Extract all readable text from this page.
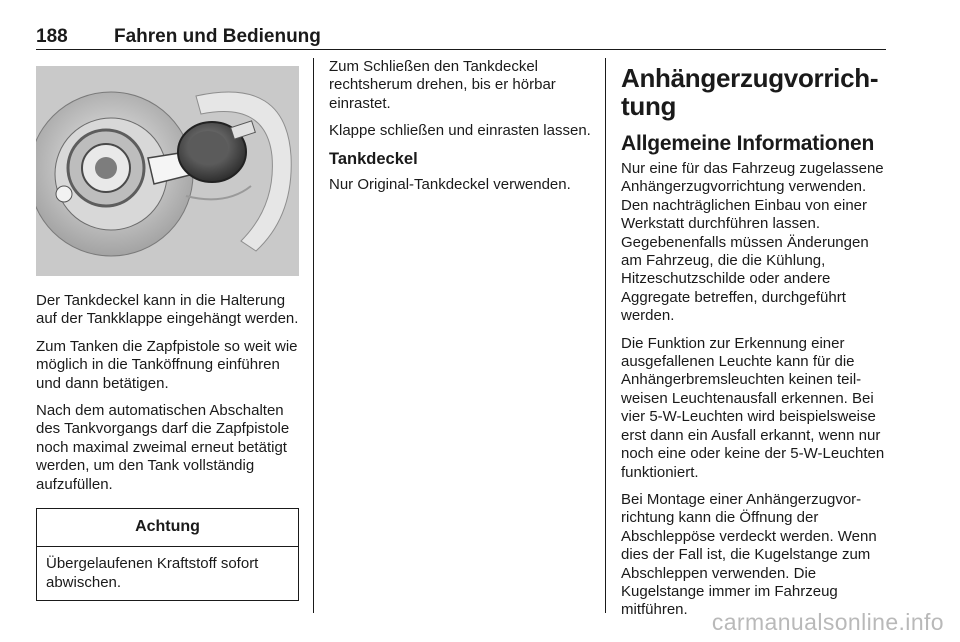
188 Fahren und Bedienung

Der Tankdeckel kann in die Halterung auf der Tankklappe eingehängt werden.

Zum Tanken die Zapfpistole so weit wie möglich in die Tanköffnung einführen und dann betätigen.

Nach dem automatischen Abschalten des Tankvorgangs darf die Zapfpistole noch maximal zweimal erneut betätigt werden, um den Tank vollständig aufzufüllen.

Achtung
Übergelaufenen Kraftstoff sofort abwischen.

Zum Schließen den Tankdeckel rechtsherum drehen, bis er hörbar einrastet.

Klappe schließen und einrasten lassen.

Tankdeckel

Nur Original-Tankdeckel verwenden.

Anhängerzugvorrichtung
Allgemeine Informationen

Nur eine für das Fahrzeug zugelassene Anhängerzugvorrichtung verwenden. Den nachträglichen Einbau von einer Werkstatt durchführen lassen. Gegebenenfalls müssen Änderungen am Fahrzeug, die die Kühlung, Hitzeschutzschilde oder andere Aggregate betreffen, durchgeführt werden.

Die Funktion zur Erkennung einer ausgefallenen Leuchte kann für die Anhängerbremsleuchten keinen teilweisen Leuchtenausfall erkennen. Bei vier 5-W-Leuchten wird beispielsweise erst dann ein Ausfall erkannt, wenn nur noch eine oder keine der 5-W-Leuchten funktioniert.

Bei Montage einer Anhängerzugvorrichtung kann die Öffnung der Abschleppöse verdeckt werden. Wenn dies der Fall ist, die Kugelstange zum Abschleppen verwenden. Die Kugelstange immer im Fahrzeug mitführen.	carmanualsonline.info
